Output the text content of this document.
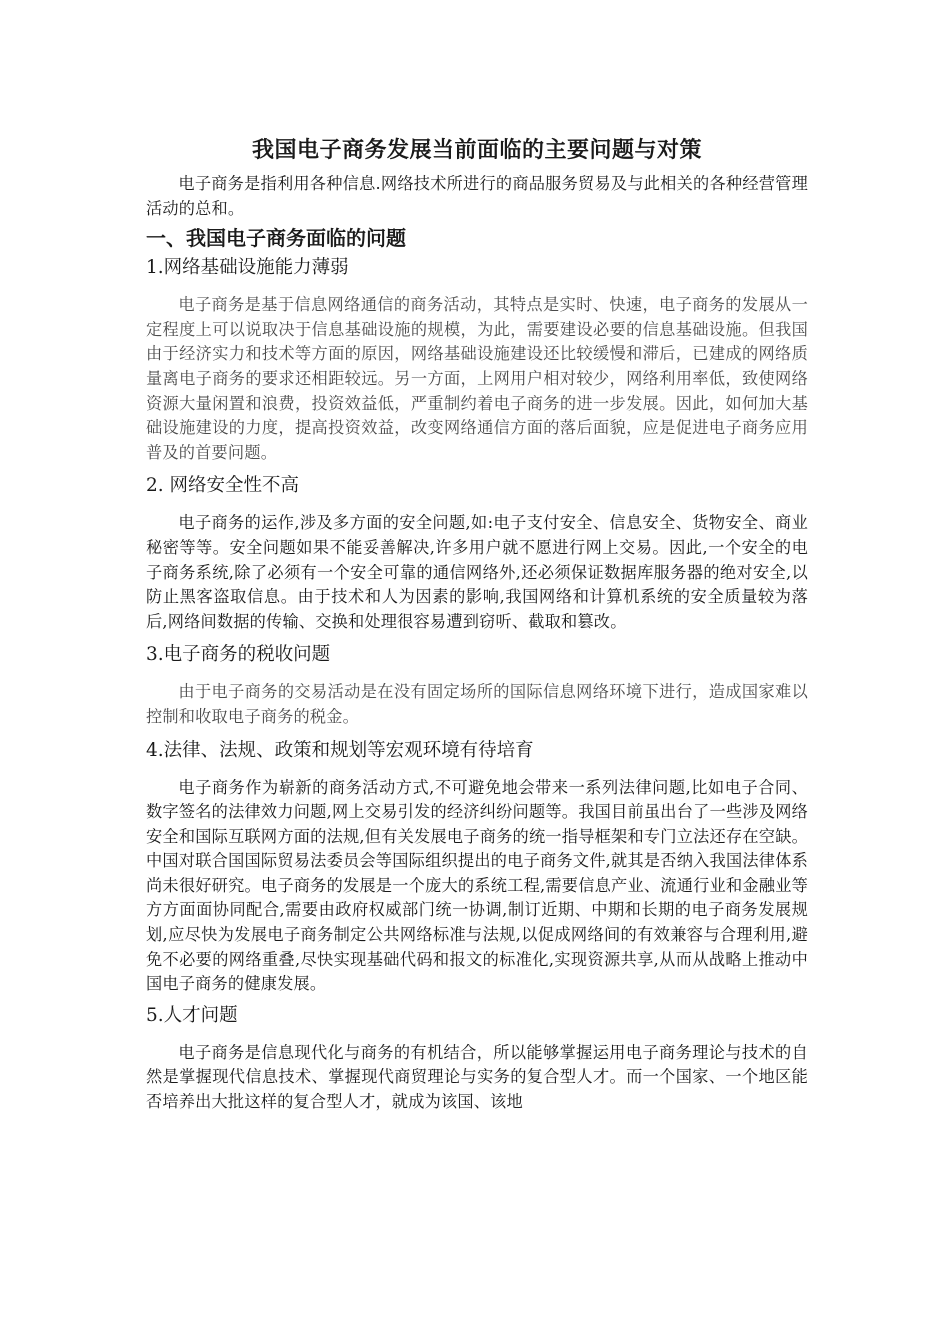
我国电子商务发展当前面临的主要问题与对策

电子商务是指利用各种信息.网络技术所进行的商品服务贸易及与此相关的各种经营管理活动的总和。

一、我国电子商务面临的问题
1.网络基础设施能力薄弱

电子商务是基于信息网络通信的商务活动，其特点是实时、快速，电子商务的发展从一定程度上可以说取决于信息基础设施的规模，为此，需要建设必要的信息基础设施。但我国由于经济实力和技术等方面的原因，网络基础设施建设还比较缓慢和滞后，已建成的网络质量离电子商务的要求还相距较远。另一方面，上网用户相对较少，网络利用率低，致使网络资源大量闲置和浪费，投资效益低，严重制约着电子商务的进一步发展。因此，如何加大基础设施建设的力度，提高投资效益，改变网络通信方面的落后面貌，应是促进电子商务应用普及的首要问题。

2. 网络安全性不高

电子商务的运作,涉及多方面的安全问题,如:电子支付安全、信息安全、货物安全、商业秘密等等。安全问题如果不能妥善解决,许多用户就不愿进行网上交易。因此,一个安全的电子商务系统,除了必须有一个安全可靠的通信网络外,还必须保证数据库服务器的绝对安全,以防止黑客盗取信息。由于技术和人为因素的影响,我国网络和计算机系统的安全质量较为落后,网络间数据的传输、交换和处理很容易遭到窃听、截取和篡改。

3.电子商务的税收问题

由于电子商务的交易活动是在没有固定场所的国际信息网络环境下进行，造成国家难以控制和收取电子商务的税金。

4.法律、法规、政策和规划等宏观环境有待培育

电子商务作为崭新的商务活动方式,不可避免地会带来一系列法律问题,比如电子合同、数字签名的法律效力问题,网上交易引发的经济纠纷问题等。我国目前虽出台了一些涉及网络安全和国际互联网方面的法规,但有关发展电子商务的统一指导框架和专门立法还存在空缺。中国对联合国国际贸易法委员会等国际组织提出的电子商务文件,就其是否纳入我国法律体系尚未很好研究。电子商务的发展是一个庞大的系统工程,需要信息产业、流通行业和金融业等方方面面协同配合,需要由政府权威部门统一协调,制订近期、中期和长期的电子商务发展规划,应尽快为发展电子商务制定公共网络标准与法规,以促成网络间的有效兼容与合理利用,避免不必要的网络重叠,尽快实现基础代码和报文的标准化,实现资源共享,从而从战略上推动中国电子商务的健康发展。

5.人才问题

电子商务是信息现代化与商务的有机结合，所以能够掌握运用电子商务理论与技术的自然是掌握现代信息技术、掌握现代商贸理论与实务的复合型人才。而一个国家、一个地区能否培养出大批这样的复合型人才，就成为该国、该地
